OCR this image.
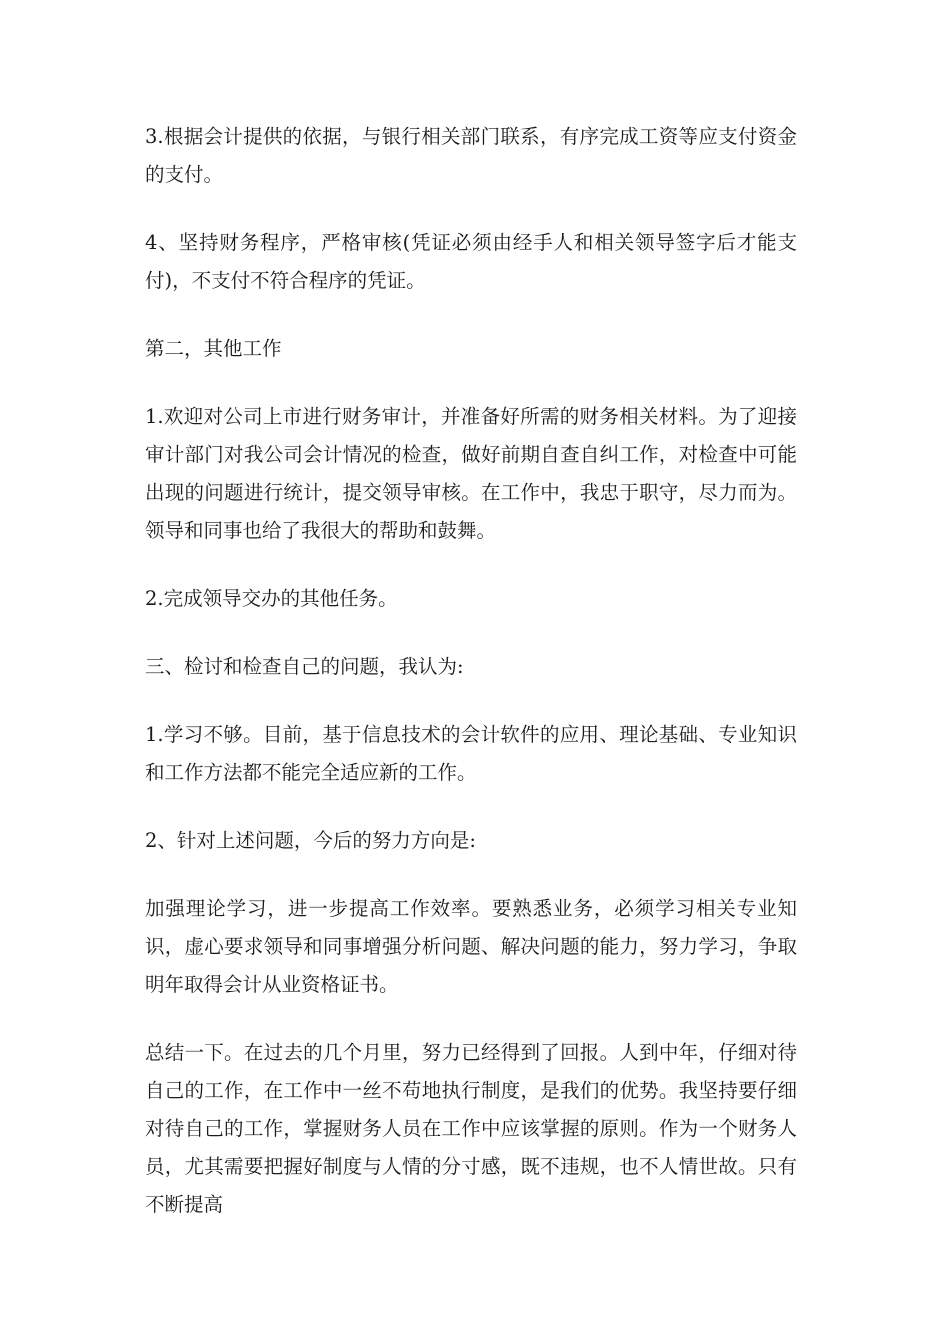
3.根据会计提供的依据，与银行相关部门联系，有序完成工资等应支付资金的支付。

4、坚持财务程序，严格审核(凭证必须由经手人和相关领导签字后才能支付)，不支付不符合程序的凭证。

第二，其他工作

1.欢迎对公司上市进行财务审计，并准备好所需的财务相关材料。为了迎接审计部门对我公司会计情况的检查，做好前期自查自纠工作，对检查中可能出现的问题进行统计，提交领导审核。在工作中，我忠于职守，尽力而为。领导和同事也给了我很大的帮助和鼓舞。

2.完成领导交办的其他任务。

三、检讨和检查自己的问题，我认为:

1.学习不够。目前，基于信息技术的会计软件的应用、理论基础、专业知识和工作方法都不能完全适应新的工作。

2、针对上述问题，今后的努力方向是:

加强理论学习，进一步提高工作效率。要熟悉业务，必须学习相关专业知识，虚心要求领导和同事增强分析问题、解决问题的能力，努力学习，争取明年取得会计从业资格证书。

总结一下。在过去的几个月里，努力已经得到了回报。人到中年，仔细对待自己的工作，在工作中一丝不苟地执行制度，是我们的优势。我坚持要仔细对待自己的工作，掌握财务人员在工作中应该掌握的原则。作为一个财务人员，尤其需要把握好制度与人情的分寸感，既不违规，也不人情世故。只有不断提高
